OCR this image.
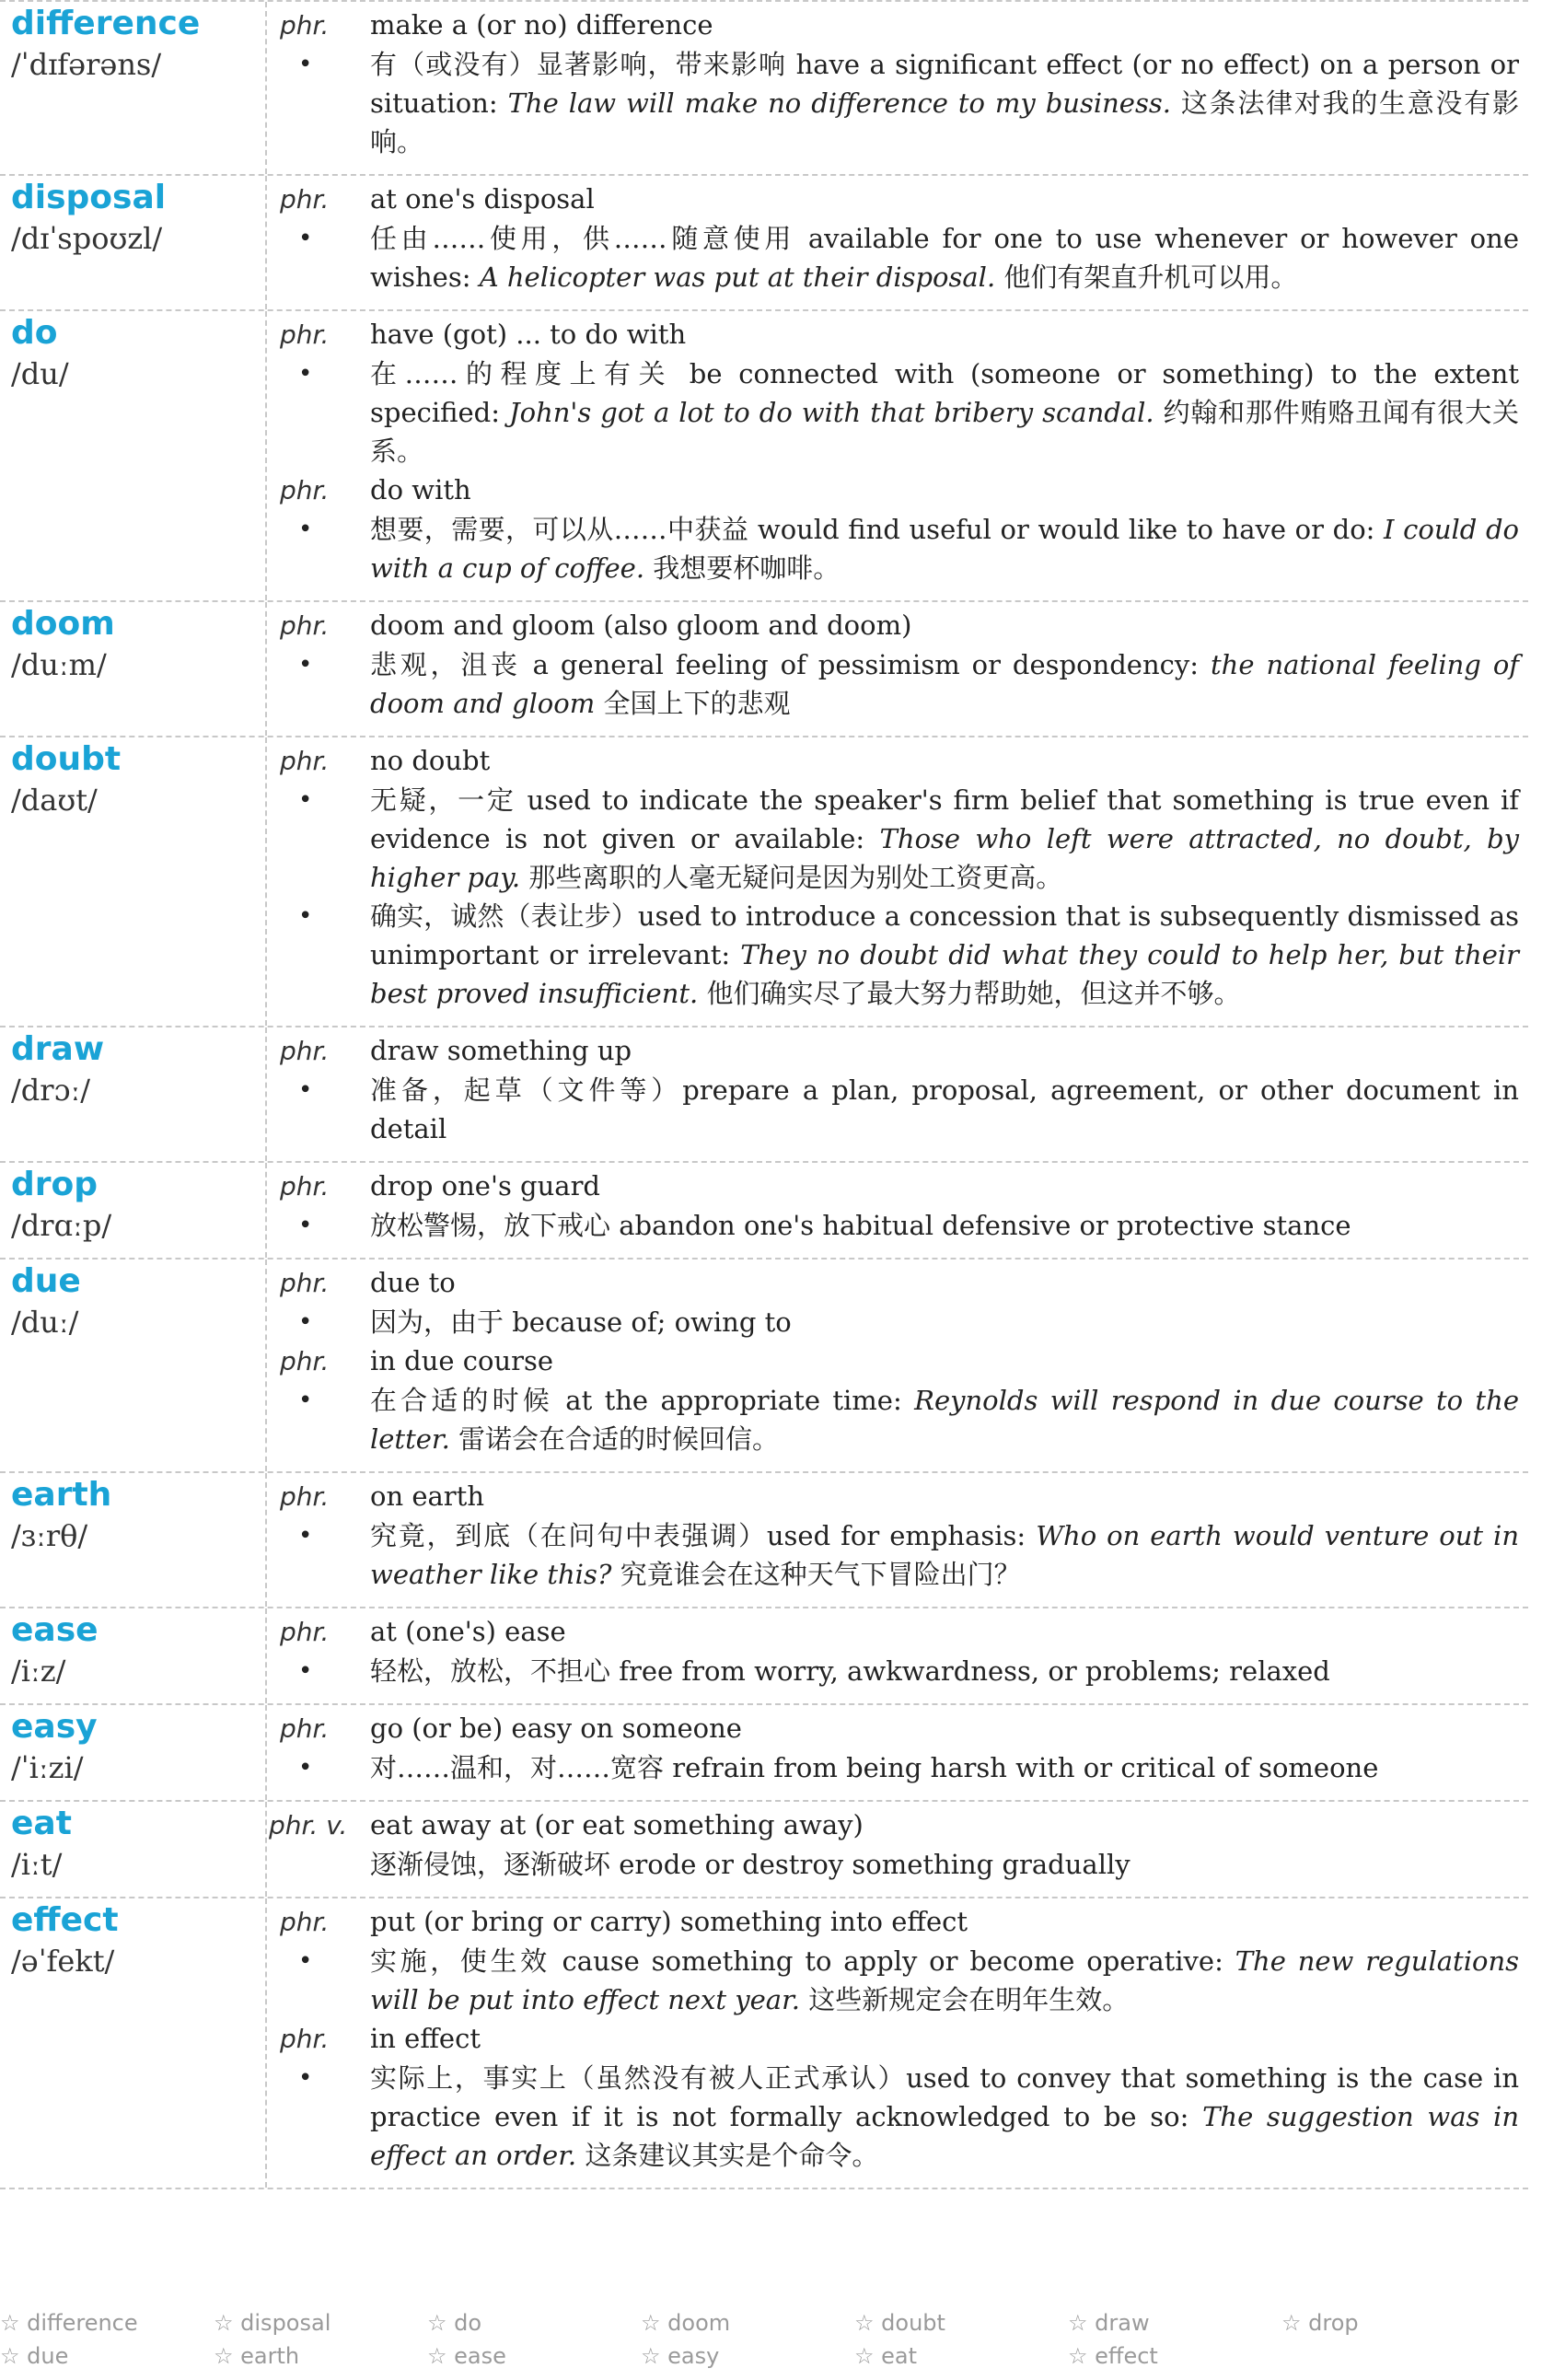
difference
/ˈdɪfərəns/
phr.	make a (or no) difference
•	有（或没有）显著影响，带来影响 have a significant effect (or no effect) on a person or situation: The law will make no difference to my business. 这条法律对我的生意没有影响。
disposal
/dɪˈspoʊzl/
phr.	at one's disposal
•	任由……使用，供……随意使用 available for one to use whenever or however one wishes: A helicopter was put at their disposal. 他们有架直升机可以用。
do
/du/
phr.	have (got) ... to do with
•	在……的程度上有关 be connected with (someone or something) to the extent specified: John's got a lot to do with that bribery scandal. 约翰和那件贿赂丑闻有很大关系。
phr.	do with
•	想要，需要，可以从……中获益 would find useful or would like to have or do: I could do with a cup of coffee. 我想要杯咖啡。
doom
/duːm/
phr.	doom and gloom (also gloom and doom)
•	悲观，沮丧 a general feeling of pessimism or despondency: the national feeling of doom and gloom 全国上下的悲观
doubt
/daʊt/
phr.	no doubt
•	无疑，一定 used to indicate the speaker's firm belief that something is true even if evidence is not given or available: Those who left were attracted, no doubt, by higher pay. 那些离职的人毫无疑问是因为别处工资更高。
•	确实，诚然（表让步）used to introduce a concession that is subsequently dismissed as unimportant or irrelevant: They no doubt did what they could to help her, but their best proved insufficient. 他们确实尽了最大努力帮助她，但这并不够。
draw
/drɔː/
phr.	draw something up
•	准备，起草（文件等）prepare a plan, proposal, agreement, or other document in detail
drop
/drɑːp/
phr.	drop one's guard
•	放松警惕，放下戒心 abandon one's habitual defensive or protective stance
due
/duː/
phr.	due to
•	因为，由于 because of; owing to
phr.	in due course
•	在合适的时候 at the appropriate time: Reynolds will respond in due course to the letter. 雷诺会在合适的时候回信。
earth
/ɜːrθ/
phr.	on earth
•	究竟，到底（在问句中表强调）used for emphasis: Who on earth would venture out in weather like this? 究竟谁会在这种天气下冒险出门？
ease
/iːz/
phr.	at (one's) ease
•	轻松，放松，不担心 free from worry, awkwardness, or problems; relaxed
easy
/ˈiːzi/
phr.	go (or be) easy on someone
•	对……温和，对……宽容 refrain from being harsh with or critical of someone
eat
/iːt/
phr. v. eat away at (or eat something away)
逐渐侵蚀，逐渐破坏 erode or destroy something gradually
effect
/əˈfekt/
phr.	put (or bring or carry) something into effect
•	实施，使生效 cause something to apply or become operative: The new regulations will be put into effect next year. 这些新规定会在明年生效。
phr.	in effect
•	实际上，事实上（虽然没有被人正式承认）used to convey that something is the case in practice even if it is not formally acknowledged to be so: The suggestion was in effect an order. 这条建议其实是个命令。
☆ difference	☆ disposal	☆ do	☆ doom	☆ doubt	☆ draw	☆ drop
☆ due	☆ earth	☆ ease	☆ easy	☆ eat	☆ effect
